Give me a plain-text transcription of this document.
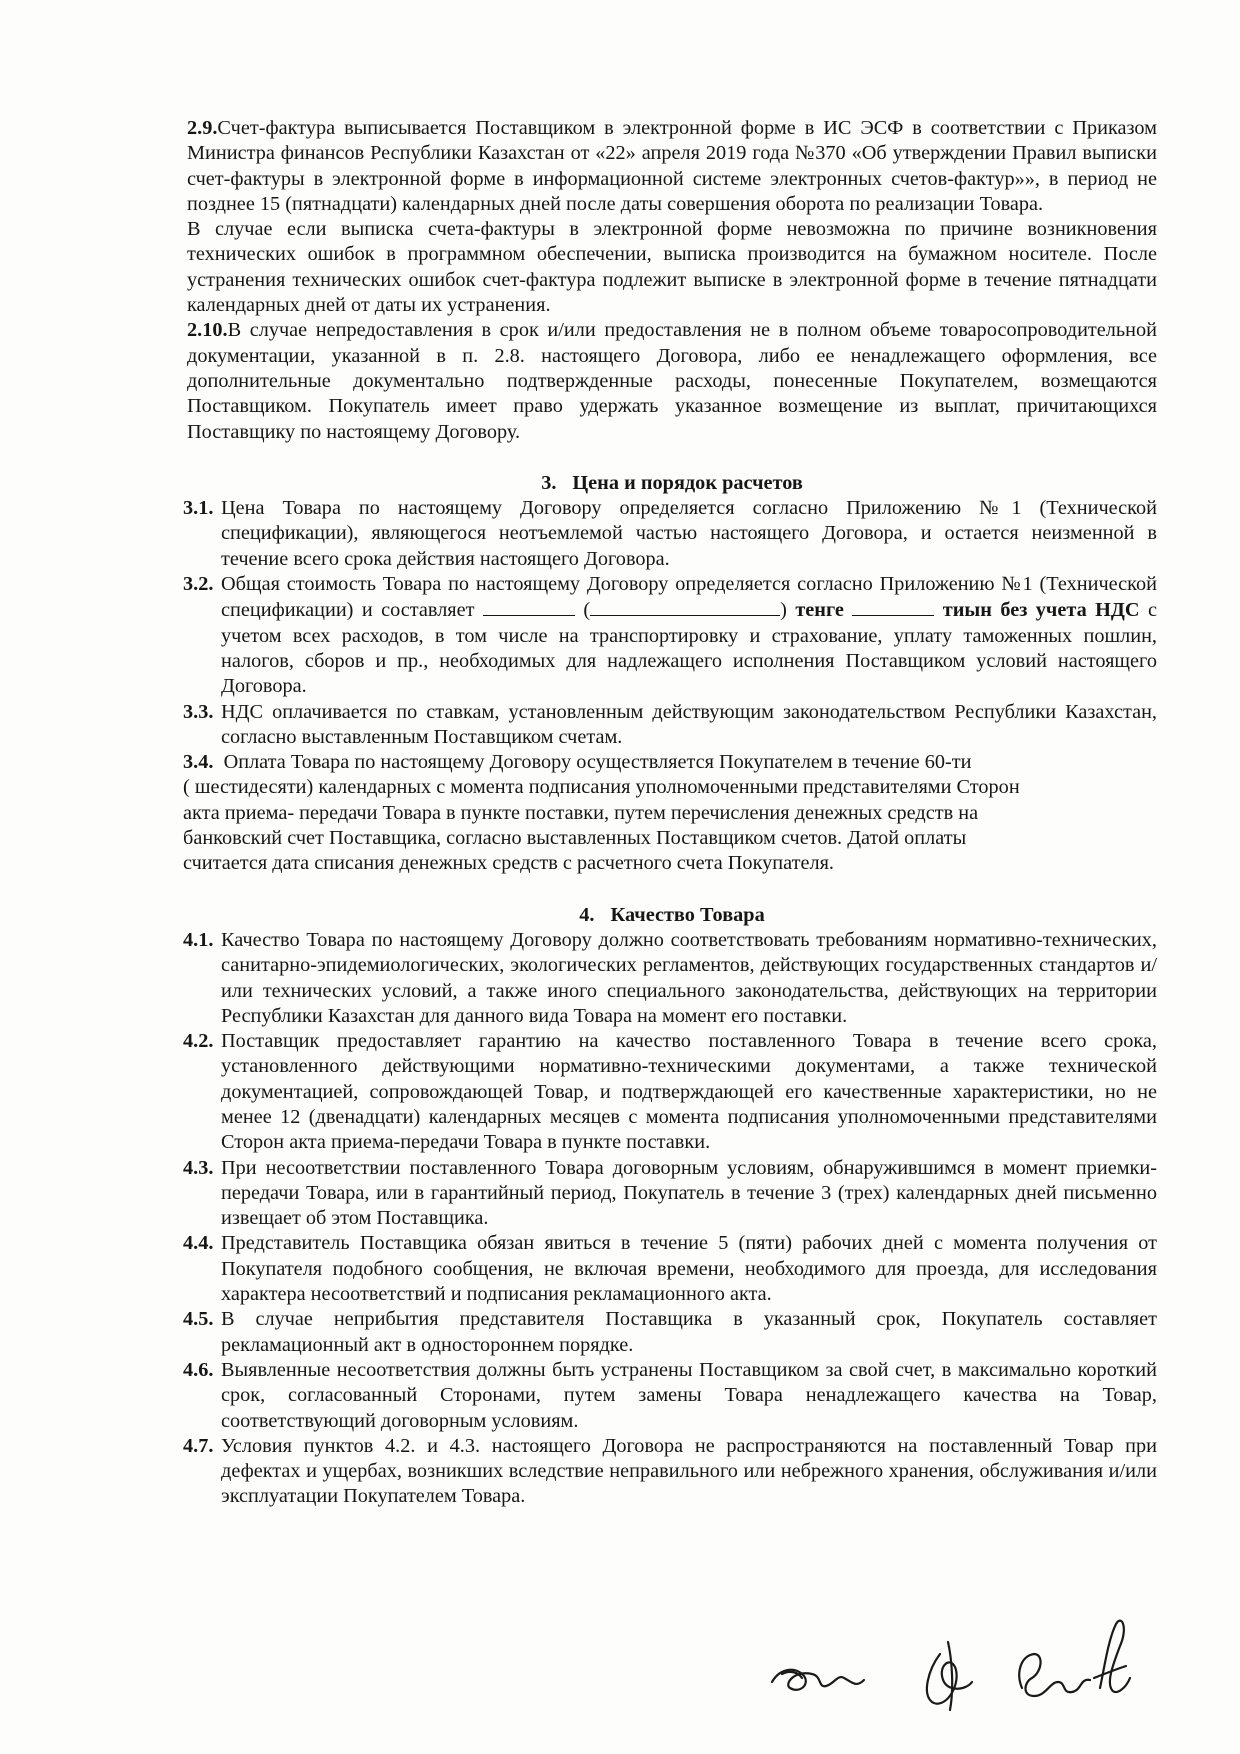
2.9.Счет-фактура выписывается Поставщиком в электронной форме в ИС ЭСФ в соответствии с Приказом Министра финансов Республики Казахстан от «22» апреля 2019 года №370 «Об утверждении Правил выписки счет-фактуры в электронной форме в информационной системе электронных счетов-фактур»», в период не позднее 15 (пятнадцати) календарных дней после даты совершения оборота по реализации Товара.

В случае если выписка счета-фактуры в электронной форме невозможна по причине возникновения технических ошибок в программном обеспечении, выписка производится на бумажном носителе. После устранения технических ошибок счет-фактура подлежит выписке в электронной форме в течение пятнадцати календарных дней от даты их устранения.

2.10.В случае непредоставления в срок и/или предоставления не в полном объеме товаросопроводительной документации, указанной в п. 2.8. настоящего Договора, либо ее ненадлежащего оформления, все дополнительные документально подтвержденные расходы, понесенные Покупателем, возмещаются Поставщиком. Покупатель имеет право удержать указанное возмещение из выплат, причитающихся Поставщику по настоящему Договору.

3. Цена и порядок расчетов

3.1. Цена Товара по настоящему Договору определяется согласно Приложению №1 (Технической спецификации), являющегося неотъемлемой частью настоящего Договора, и остается неизменной в течение всего срока действия настоящего Договора.
3.2. Общая стоимость Товара по настоящему Договору определяется согласно Приложению №1 (Технической спецификации) и составляет	(	) тенге	тиын без учета НДС с учетом всех расходов, в том числе на транспортировку и страхование, уплату таможенных пошлин, налогов, сборов и пр., необходимых для надлежащего исполнения Поставщиком условий настоящего Договора.
3.3. НДС оплачивается по ставкам, установленным действующим законодательством Республики Казахстан, согласно выставленным Поставщиком счетам.

3.4. Оплата Товара по настоящему Договору осуществляется Покупателем в течение 60-ти

( шестидесяти) календарных с момента подписания уполномоченными представителями Сторон

акта приема- передачи Товара в пункте поставки, путем перечисления денежных средств на

банковский счет Поставщика, согласно выставленных Поставщиком счетов. Датой оплаты

считается дата списания денежных средств с расчетного счета Покупателя.

4. Качество Товара

4.1. Качество Товара по настоящему Договору должно соответствовать требованиям нормативно-технических, санитарно-эпидемиологических, экологических регламентов, действующих государственных стандартов и/или технических условий, а также иного специального законодательства, действующих на территории Республики Казахстан для данного вида Товара на момент его поставки.
4.2. Поставщик предоставляет гарантию на качество поставленного Товара в течение всего срока, установленного действующими нормативно-техническими документами, а также технической документацией, сопровождающей Товар, и подтверждающей его качественные характеристики, но не менее 12 (двенадцати) календарных месяцев с момента подписания уполномоченными представителями Сторон акта приема-передачи Товара в пункте поставки.
4.3. При несоответствии поставленного Товара договорным условиям, обнаружившимся в момент приемки-передачи Товара, или в гарантийный период, Покупатель в течение 3 (трех) календарных дней письменно извещает об этом Поставщика.
4.4. Представитель Поставщика обязан явиться в течение 5 (пяти) рабочих дней с момента получения от Покупателя подобного сообщения, не включая времени, необходимого для проезда, для исследования характера несоответствий и подписания рекламационного акта.
4.5. В случае неприбытия представителя Поставщика в указанный срок, Покупатель составляет рекламационный акт в одностороннем порядке.
4.6. Выявленные несоответствия должны быть устранены Поставщиком за свой счет, в максимально короткий срок, согласованный Сторонами, путем замены Товара ненадлежащего качества на Товар, соответствующий договорным условиям.
4.7. Условия пунктов 4.2. и 4.3. настоящего Договора не распространяются на поставленный Товар при дефектах и ущербах, возникших вследствие неправильного или небрежного хранения, обслуживания и/или эксплуатации Покупателем Товара.
